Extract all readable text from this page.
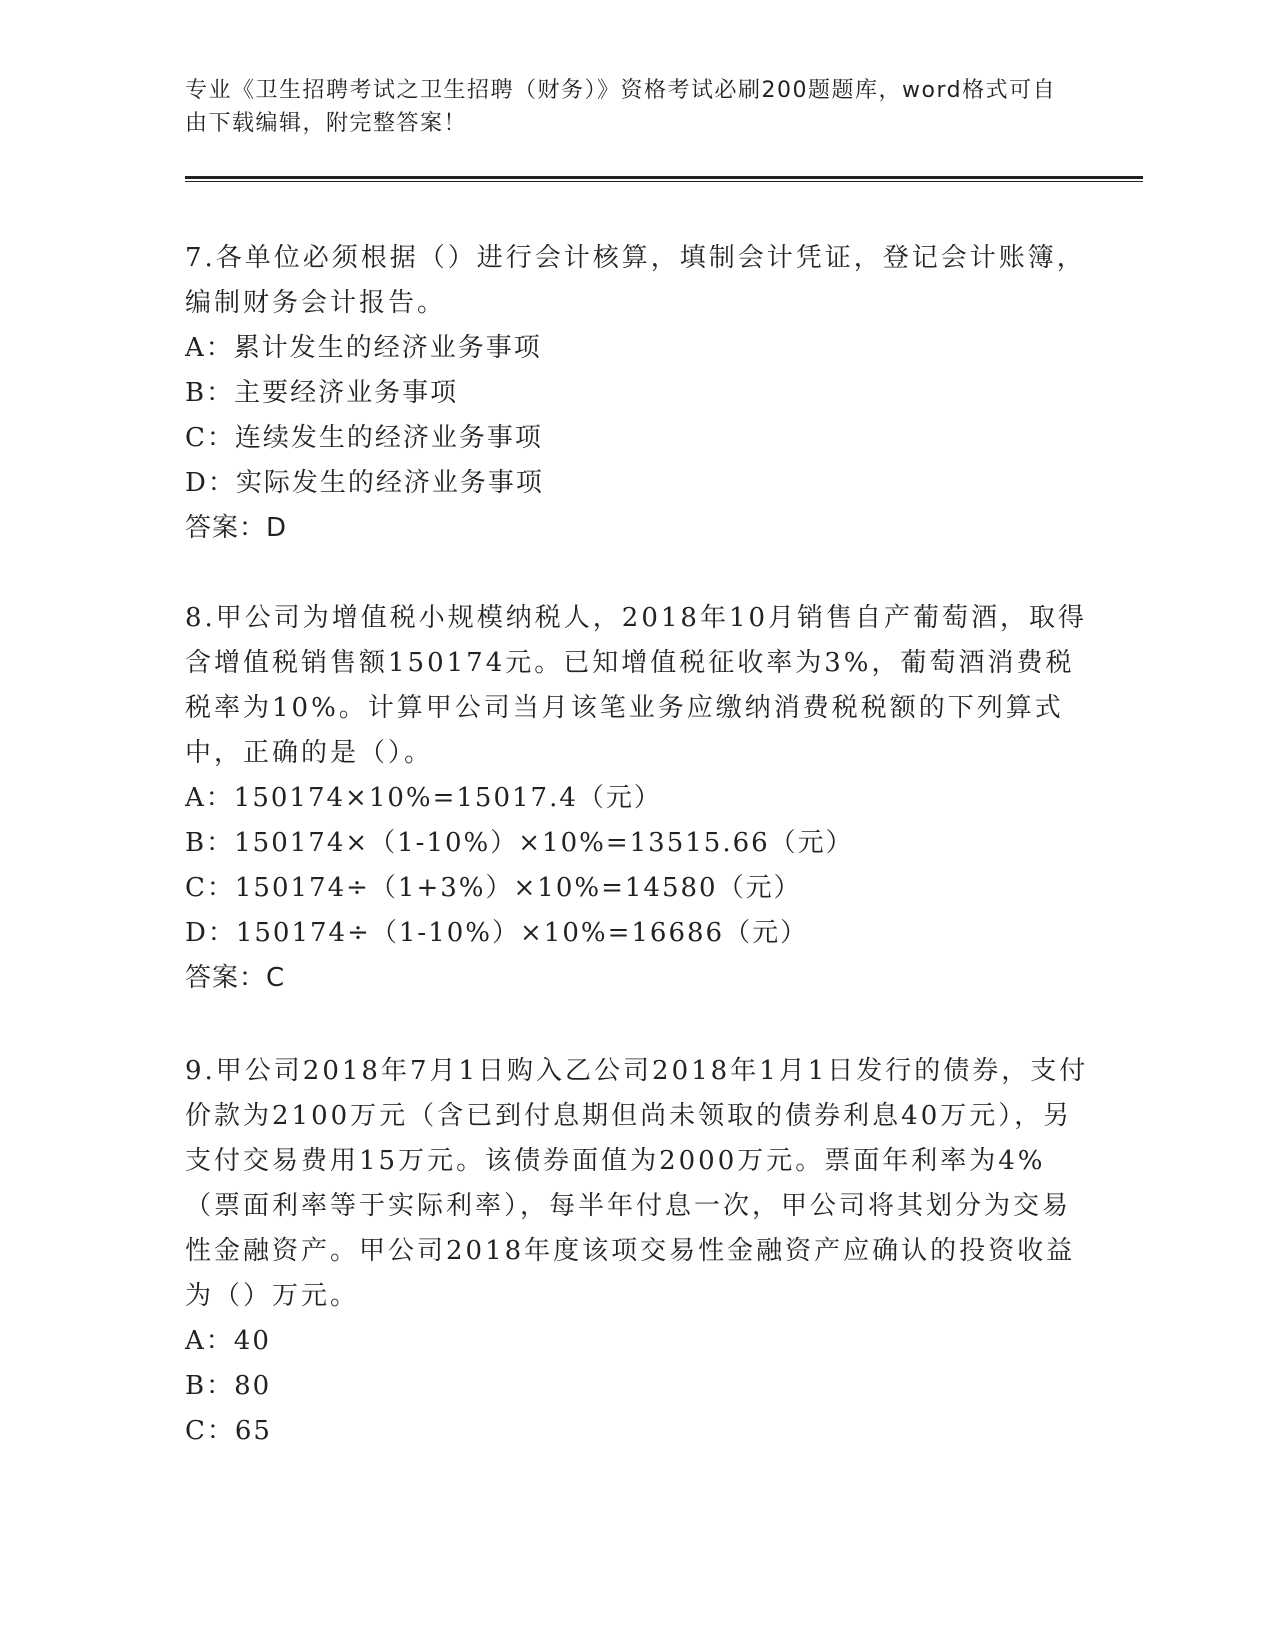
专业《卫生招聘考试之卫生招聘（财务）》资格考试必刷200题题库，word格式可自由下载编辑，附完整答案！

7.各单位必须根据（）进行会计核算，填制会计凭证，登记会计账簿，编制财务会计报告。

A：累计发生的经济业务事项

B：主要经济业务事项

C：连续发生的经济业务事项

D：实际发生的经济业务事项

答案：D

8.甲公司为增值税小规模纳税人，2018年10月销售自产葡萄酒，取得含增值税销售额150174元。已知增值税征收率为3%，葡萄酒消费税税率为10%。计算甲公司当月该笔业务应缴纳消费税税额的下列算式中，正确的是（）。

A：150174×10%=15017.4（元）

B：150174×（1-10%）×10%=13515.66（元）

C：150174÷（1+3%）×10%=14580（元）

D：150174÷（1-10%）×10%=16686（元）

答案：C

9.甲公司2018年7月1日购入乙公司2018年1月1日发行的债券，支付价款为2100万元（含已到付息期但尚未领取的债券利息40万元），另支付交易费用15万元。该债券面值为2000万元。票面年利率为4%（票面利率等于实际利率），每半年付息一次，甲公司将其划分为交易性金融资产。甲公司2018年度该项交易性金融资产应确认的投资收益为（）万元。

A：40

B：80

C：65
